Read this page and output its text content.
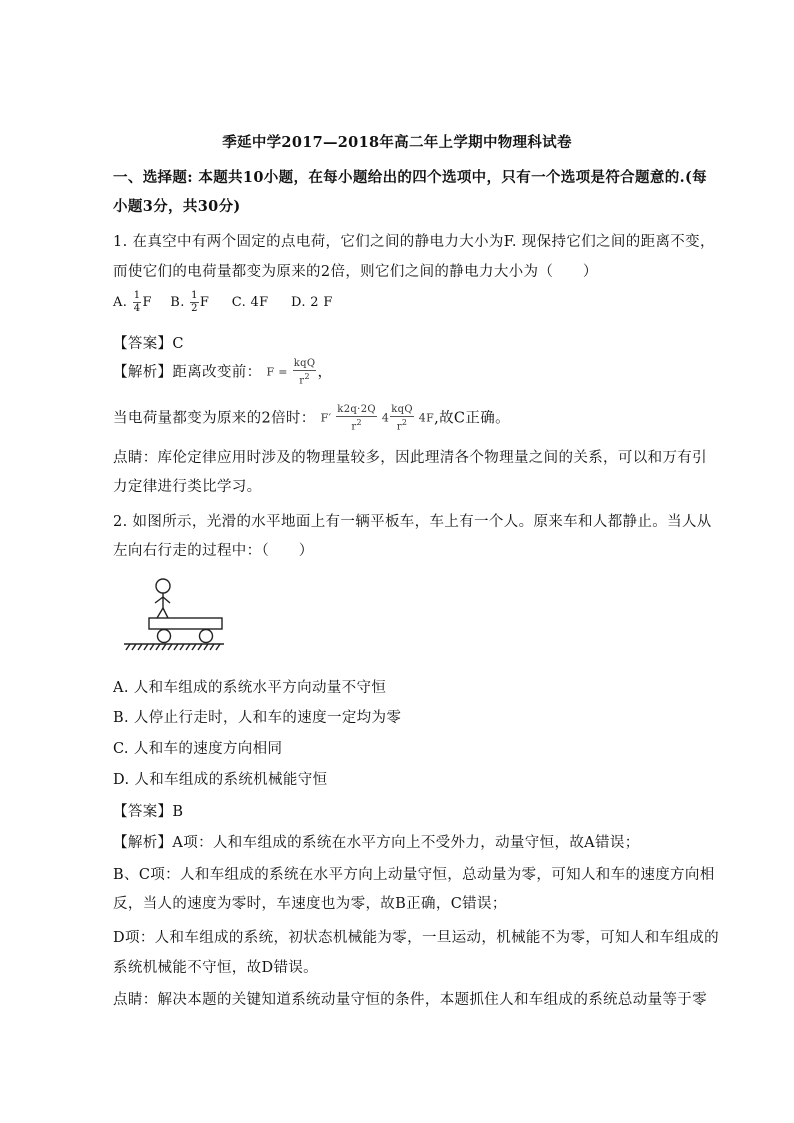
季延中学2017—2018年高二年上学期中物理科试卷
一、选择题: 本题共10小题，在每小题给出的四个选项中，只有一个选项是符合题意的.(每
小题3分，共30分)
1. 在真空中有两个固定的点电荷，它们之间的静电力大小为F. 现保持它们之间的距离不变，
而使它们的电荷量都变为原来的2倍，则它们之间的静电力大小为（　　）
A. $\frac{1}{4}$ F B. $\frac{1}{2}$ F C. 4F D. 2 F
【答案】C
【解析】距离改变前： $F = \frac{\text{kqQ}}{r^2}$ ，
当电荷量都变为原来的2倍时： $F' \frac{k2q\cdot 2Q}{r^2} 4 \frac{\text{kqQ}}{r^2} 4F$,故C正确。
点睛：库伦定律应用时涉及的物理量较多，因此理清各个物理量之间的关系，可以和万有引
力定律进行类比学习。
2. 如图所示，光滑的水平地面上有一辆平板车，车上有一个人。原来车和人都静止。当人从
左向右行走的过程中：（　　）
A. 人和车组成的系统水平方向动量不守恒
B. 人停止行走时，人和车的速度一定均为零
C. 人和车的速度方向相同
D. 人和车组成的系统机械能守恒
【答案】B
【解析】A项：人和车组成的系统在水平方向上不受外力，动量守恒，故A错误；
B、C项：人和车组成的系统在水平方向上动量守恒，总动量为零，可知人和车的速度方向相
反，当人的速度为零时，车速度也为零，故B正确，C错误；
D项：人和车组成的系统，初状态机械能为零，一旦运动，机械能不为零，可知人和车组成的
系统机械能不守恒，故D错误。
点睛：解决本题的关键知道系统动量守恒的条件，本题抓住人和车组成的系统总动量等于零
